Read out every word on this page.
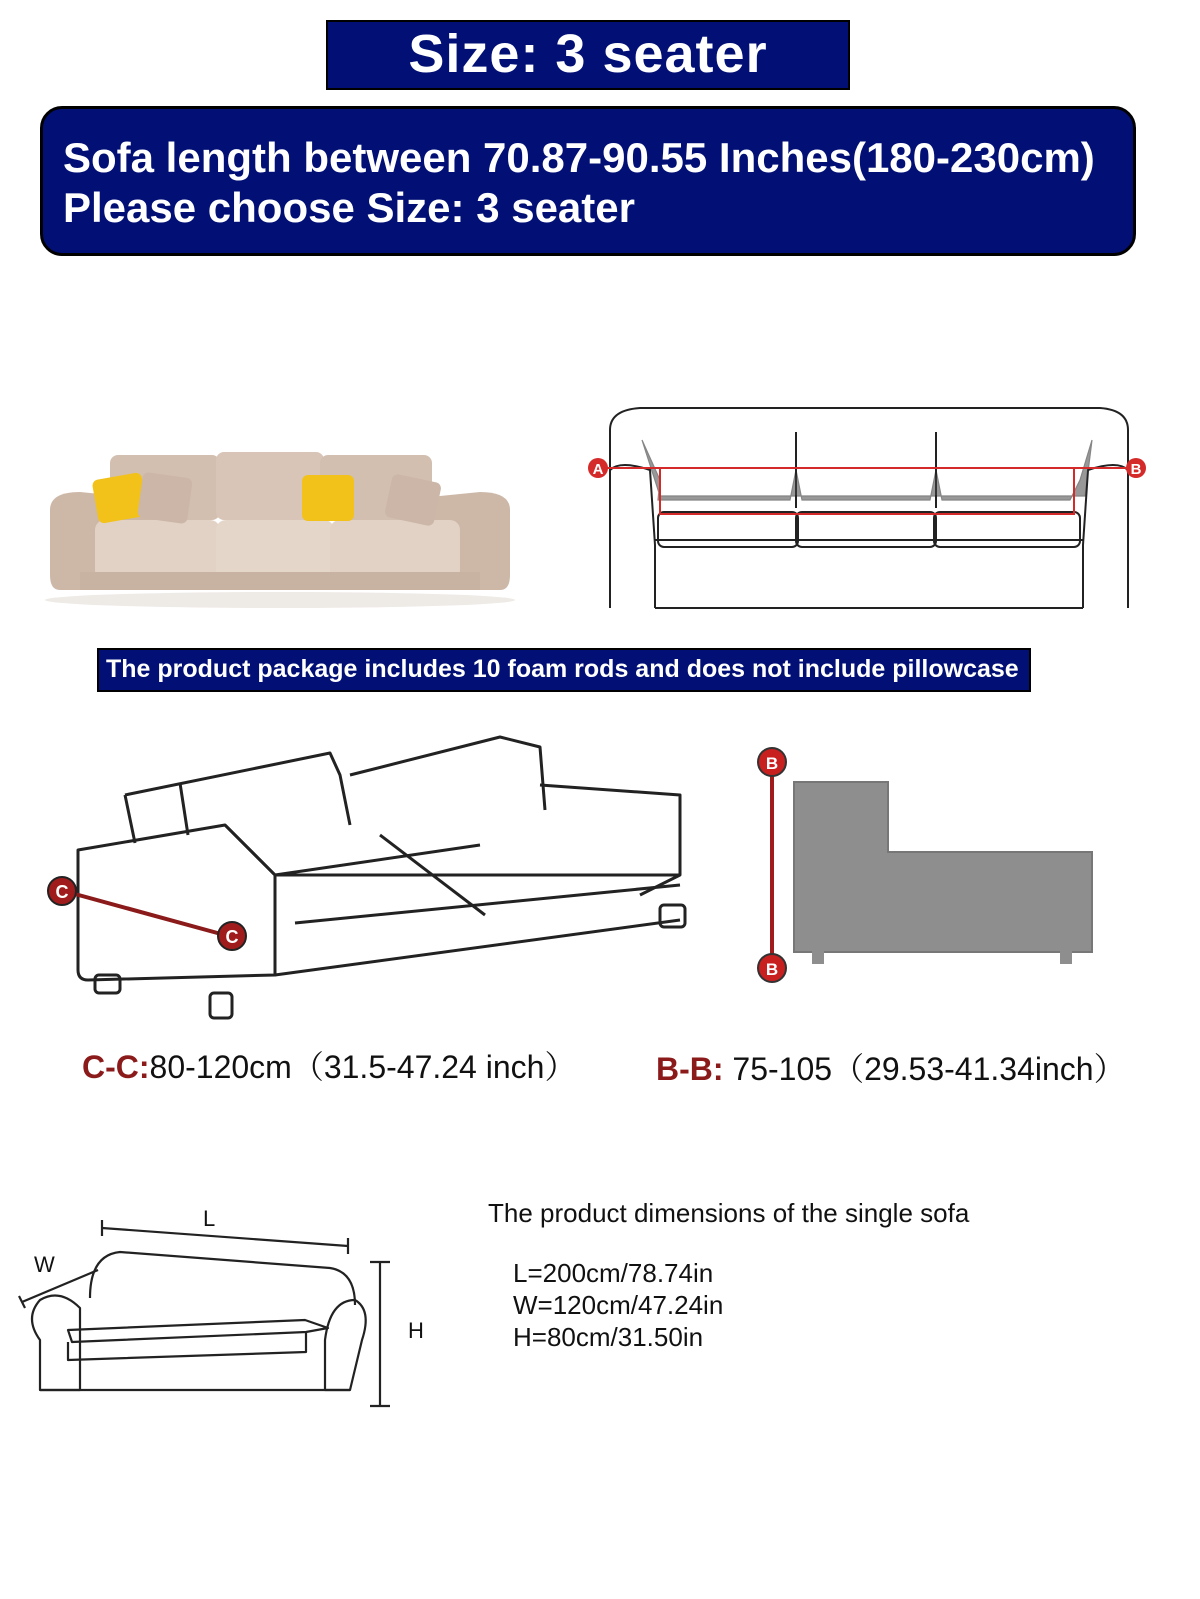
Size: 3 seater
Sofa length between 70.87-90.55 Inches(180-230cm)
Please choose Size: 3 seater
A	B
The product package includes 10 foam rods and does not include pillowcase
C
C
B
B
C-C:80-120cm（31.5-47.24 inch） B-B: 75-105（29.53-41.34inch）
L
W
H
The product dimensions of the single sofa
L=200cm/78.74in
W=120cm/47.24in
H=80cm/31.50in
